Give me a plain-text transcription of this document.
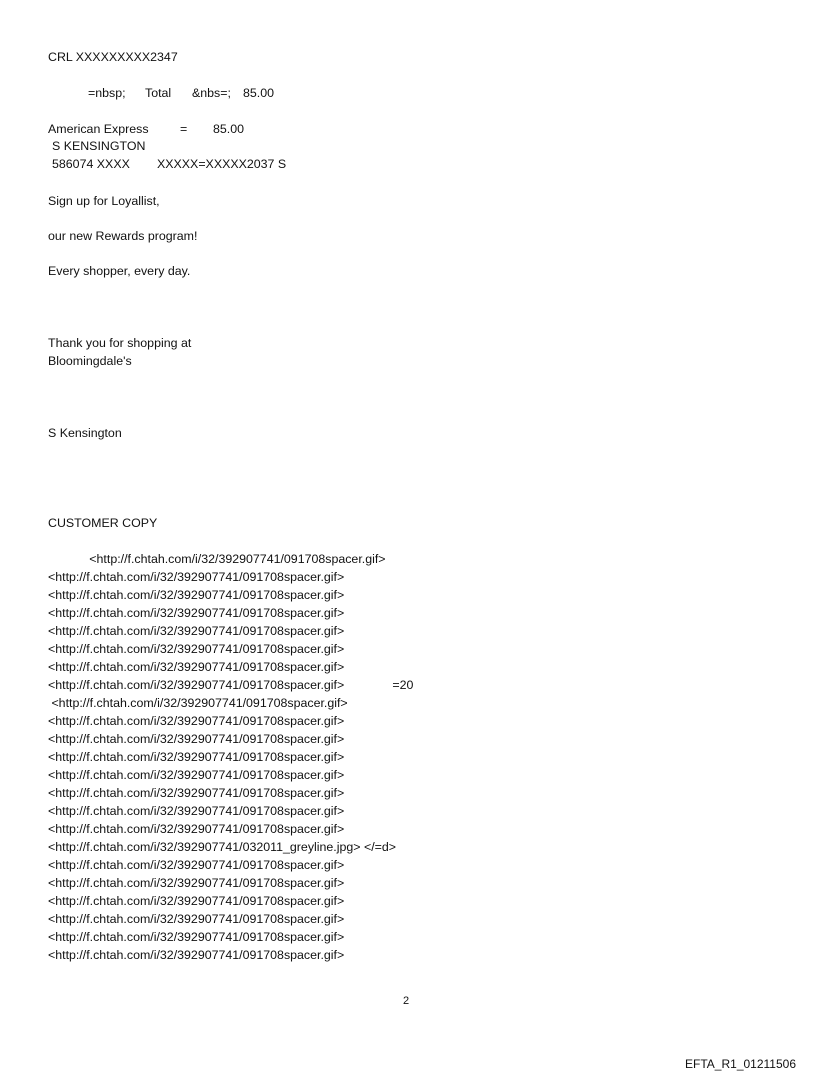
CRL XXXXXXXXX2347
=nbsp; Total &nbs=; 85.00
American Express	= 85.00
S KENSINGTON
586074 XXXX XXXXX=XXXXX2037 S
Sign up for Loyallist,
our new Rewards program!
Every shopper, every day.
Thank you for shopping at
Bloomingdale's
S Kensington
CUSTOMER COPY
<http://f.chtah.com/i/32/392907741/091708spacer.gif>
<http://f.chtah.com/i/32/392907741/091708spacer.gif>
<http://f.chtah.com/i/32/392907741/091708spacer.gif>
<http://f.chtah.com/i/32/392907741/091708spacer.gif>
<http://f.chtah.com/i/32/392907741/091708spacer.gif>
<http://f.chtah.com/i/32/392907741/091708spacer.gif>
<http://f.chtah.com/i/32/392907741/091708spacer.gif>
<http://f.chtah.com/i/32/392907741/091708spacer.gif>              =20
<http://f.chtah.com/i/32/392907741/091708spacer.gif>
<http://f.chtah.com/i/32/392907741/091708spacer.gif>
<http://f.chtah.com/i/32/392907741/091708spacer.gif>
<http://f.chtah.com/i/32/392907741/091708spacer.gif>
<http://f.chtah.com/i/32/392907741/091708spacer.gif>
<http://f.chtah.com/i/32/392907741/091708spacer.gif>
<http://f.chtah.com/i/32/392907741/091708spacer.gif>
<http://f.chtah.com/i/32/392907741/091708spacer.gif>
<http://f.chtah.com/i/32/392907741/032011_greyline.jpg> </=d>
<http://f.chtah.com/i/32/392907741/091708spacer.gif>
<http://f.chtah.com/i/32/392907741/091708spacer.gif>
<http://f.chtah.com/i/32/392907741/091708spacer.gif>
<http://f.chtah.com/i/32/392907741/091708spacer.gif>
<http://f.chtah.com/i/32/392907741/091708spacer.gif>
<http://f.chtah.com/i/32/392907741/091708spacer.gif>
2
EFTA_R1_01211506
